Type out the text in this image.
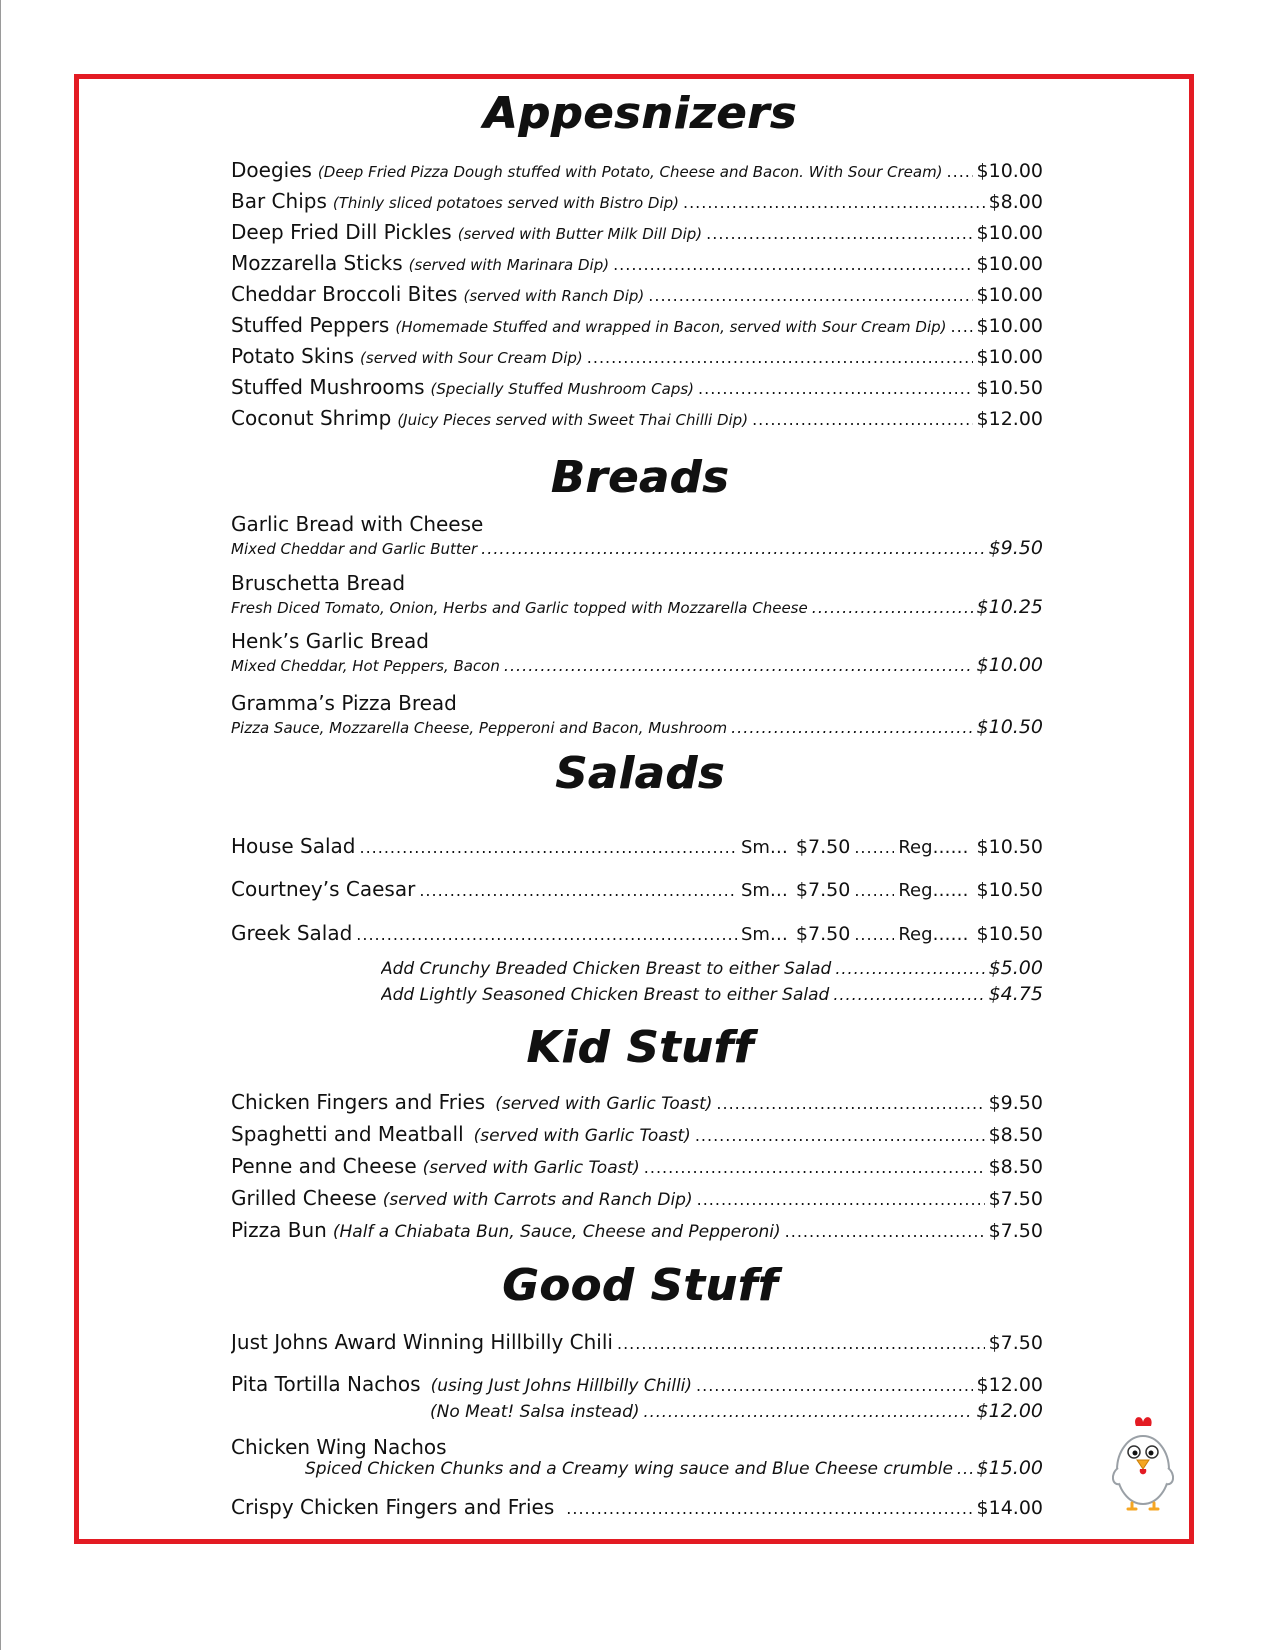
Appesnizers
Doegies (Deep Fried Pizza Dough stuffed with Potato, Cheese and Bacon. With Sour Cream) ..... $10.00
Bar Chips (Thinly sliced potatoes served with Bistro Dip) .....	$8.00
Deep Fried Dill Pickles (served with Butter Milk Dill Dip) .....	$10.00
Mozzarella Sticks (served with Marinara Dip) .....	$10.00
Cheddar Broccoli Bites (served with Ranch Dip) .....	$10.00
Stuffed Peppers (Homemade Stuffed and wrapped in Bacon, served with Sour Cream Dip) ..... $10.00
Potato Skins (served with Sour Cream Dip) .....	$10.00
Stuffed Mushrooms (Specially Stuffed Mushroom Caps) .....	$10.50
Coconut Shrimp (Juicy Pieces served with Sweet Thai Chilli Dip) .....	$12.00
Breads
Garlic Bread with Cheese
Mixed Cheddar and Garlic Butter .....	$9.50
Bruschetta Bread
Fresh Diced Tomato, Onion, Herbs and Garlic topped with Mozzarella Cheese .....	$10.25
Henk’s Garlic Bread
Mixed Cheddar, Hot Peppers, Bacon .....	$10.00
Gramma’s Pizza Bread
Pizza Sauce, Mozzarella Cheese, Pepperoni and Bacon, Mushroom .....	$10.50
Salads
House Salad .....	Sm… $7.50 .....	Reg…… $10.50
Courtney’s Caesar .....	Sm… $7.50 .....	Reg…… $10.50
Greek Salad .....	Sm… $7.50 .....	Reg…… $10.50
Add Crunchy Breaded Chicken Breast to either Salad .....	$5.00
Add Lightly Seasoned Chicken Breast to either Salad .....	$4.75
Kid Stuff
Chicken Fingers and Fries (served with Garlic Toast) .....	$9.50
Spaghetti and Meatball (served with Garlic Toast) .....	$8.50
Penne and Cheese (served with Garlic Toast) .....	$8.50
Grilled Cheese (served with Carrots and Ranch Dip) .....	$7.50
Pizza Bun (Half a Chiabata Bun, Sauce, Cheese and Pepperoni) .....	$7.50
Good Stuff
Just Johns Award Winning Hillbilly Chili .....	$7.50
Pita Tortilla Nachos (using Just Johns Hillbilly Chilli) .....	$12.00
(No Meat! Salsa instead) .....	$12.00
Chicken Wing Nachos
Spiced Chicken Chunks and a Creamy wing sauce and Blue Cheese crumble ..... $15.00
Crispy Chicken Fingers and Fries .....	$14.00
